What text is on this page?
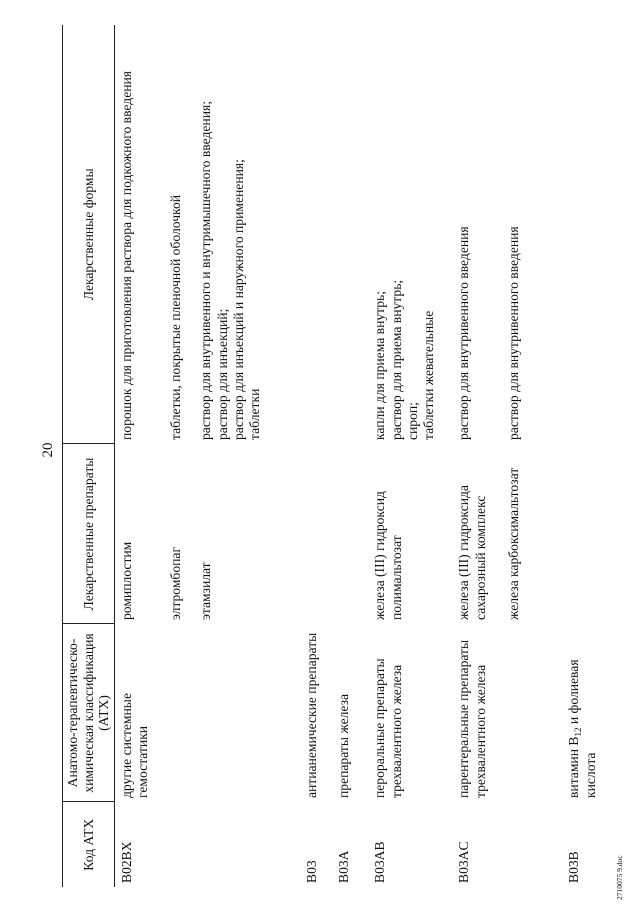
20
Код АТХ	Анатомо-терапевтическо-химическая классификация (АТХ)	Лекарственные препараты	Лекарственные формы
B02BX	другие системные гемостатики	ромиплостим	порошок для приготовления раствора для подкожного введения

		элтромбопаг	таблетки, покрытые пленочной оболочкой

		этамзилат	раствор для внутривенного и внутримышечного введения; раствор для инъекций; раствор для инъекций и наружного применения; таблетки

B03	антианемические препараты		
B03A	препараты железа		
B03AB	пероральные препараты трехвалентного железа	железа (III) гидроксид полимальтозат	капли для приема внутрь; раствор для приема внутрь; сироп; таблетки жевательные

B03AC	парентеральные препараты трехвалентного железа	железа (III) гидроксида сахарозный комплекс	раствор для внутривенного введения

		железа карбоксимальтозат	раствор для внутривенного введения

B03B	витамин $B_{12}$ и фолиевая кислота		
2710075 9.doc
